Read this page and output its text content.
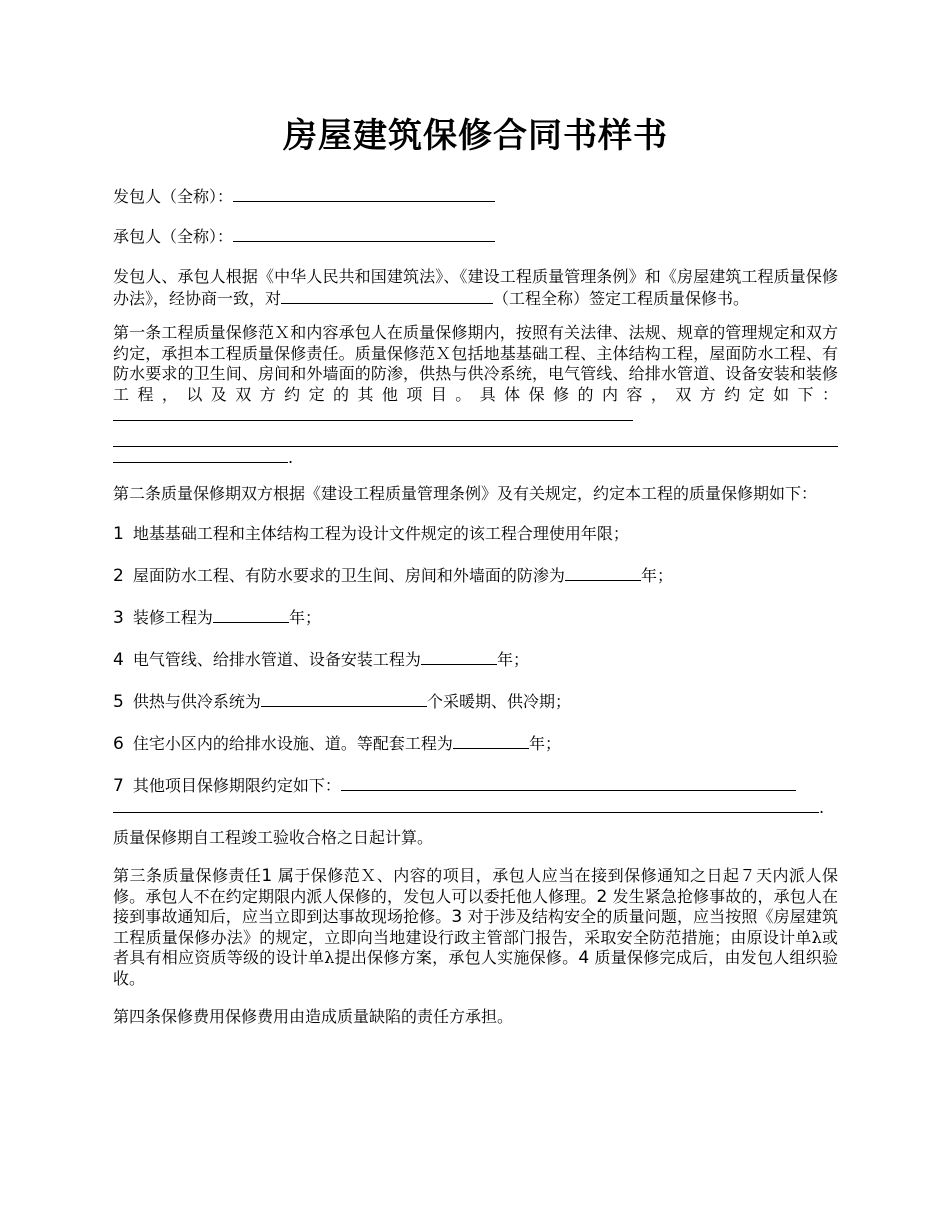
房屋建筑保修合同书样书

发包人（全称）：

承包人（全称）：

发包人、承包人根据《中华人民共和国建筑法》、《建设工程质量管理条例》和《房屋建筑工程质量保修办法》，经协商一致，对	（工程全称）签定工程质量保修书。

第一条工程质量保修范Ｘ和内容承包人在质量保修期内，按照有关法律、法规、规章的管理规定和双方约定，承担本工程质量保修责任。质量保修范Ｘ包括地基基础工程、主体结构工程，屋面防水工程、有防水要求的卫生间、房间和外墙面的防渗，供热与供冷系统，电气管线、给排水管道、设备安装和装修工程，以及双方约定的其他项目。具体保修的内容，双方约定如下：

.

第二条质量保修期双方根据《建设工程质量管理条例》及有关规定，约定本工程的质量保修期如下：

1 地基基础工程和主体结构工程为设计文件规定的该工程合理使用年限；

2 屋面防水工程、有防水要求的卫生间、房间和外墙面的防渗为	年；

3 装修工程为	年；

4 电气管线、给排水管道、设备安装工程为	年；

5 供热与供冷系统为	个采暖期、供冷期；

6 住宅小区内的给排水设施、道。等配套工程为	年；

7 其他项目保修期限约定如下：

.

质量保修期自工程竣工验收合格之日起计算。

第三条质量保修责任1 属于保修范Ｘ、内容的项目，承包人应当在接到保修通知之日起７天内派人保修。承包人不在约定期限内派人保修的，发包人可以委托他人修理。2 发生紧急抢修事故的，承包人在接到事故通知后，应当立即到达事故现场抢修。3 对于涉及结构安全的质量问题，应当按照《房屋建筑工程质量保修办法》的规定，立即向当地建设行政主管部门报告，采取安全防范措施；由原设计单λ或者具有相应资质等级的设计单λ提出保修方案，承包人实施保修。4 质量保修完成后，由发包人组织验收。

第四条保修费用保修费用由造成质量缺陷的责任方承担。
